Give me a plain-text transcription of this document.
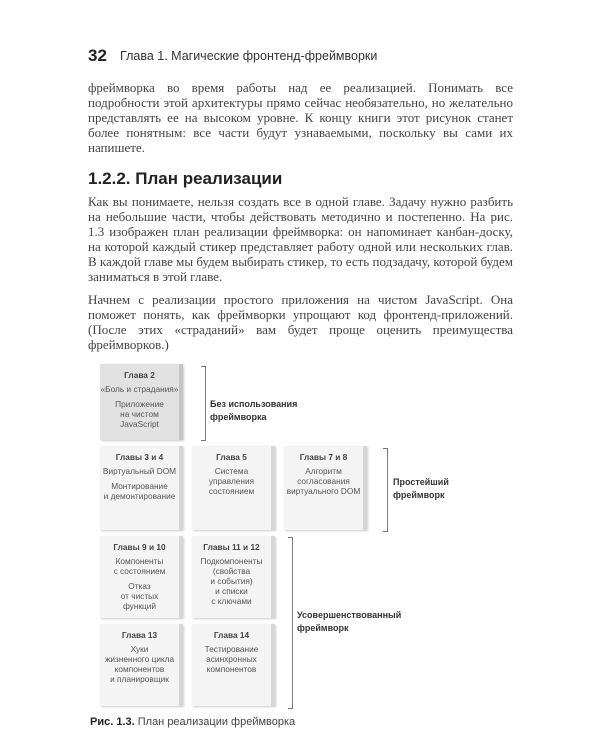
32 Глава 1. Магические фронтенд-фреймворки

фреймворка во время работы над ее реализацией. Понимать все подробности этой архитектуры прямо сейчас необязательно, но желательно представлять ее на высоком уровне. К концу книги этот рисунок станет более понятным: все части будут узнаваемыми, поскольку вы сами их напишете.

1.2.2. План реализации

Как вы понимаете, нельзя создать все в одной главе. Задачу нужно разбить на небольшие части, чтобы действовать методично и постепенно. На рис. 1.3 изображен план реализации фреймворка: он напоминает канбан-доску, на которой каждый стикер представляет работу одной или нескольких глав. В каждой главе мы будем выбирать стикер, то есть подзадачу, которой будем заниматься в этой главе.

Начнем с реализации простого приложения на чистом JavaScript. Она поможет понять, как фреймворки упрощают код фронтенд-приложений. (После этих «страданий» вам будет проще оценить преимущества фреймворков.)

Без использования
фреймворка
Простейший
фреймворк
Усовершенствованный
фреймворк
Глава 2
«Боль и страдания»
Приложение
на чистом
JavaScript
Главы 3 и 4
Виртуальный DOM
Монтирование
и демонтирование
Глава 5
Система
управления
состоянием
Главы 7 и 8
Алгоритм
согласования
виртуального DOM
Главы 9 и 10
Компоненты
с состоянием
Отказ
от чистых
функций
Главы 11 и 12
Подкомпоненты
(свойства
и события)
и списки
с ключами
Глава 13
Хуки
жизненного цикла
компонентов
и планировщик
Глава 14
Тестирование
асинхронных
компонентов
Рис. 1.3. План реализации фреймворка
